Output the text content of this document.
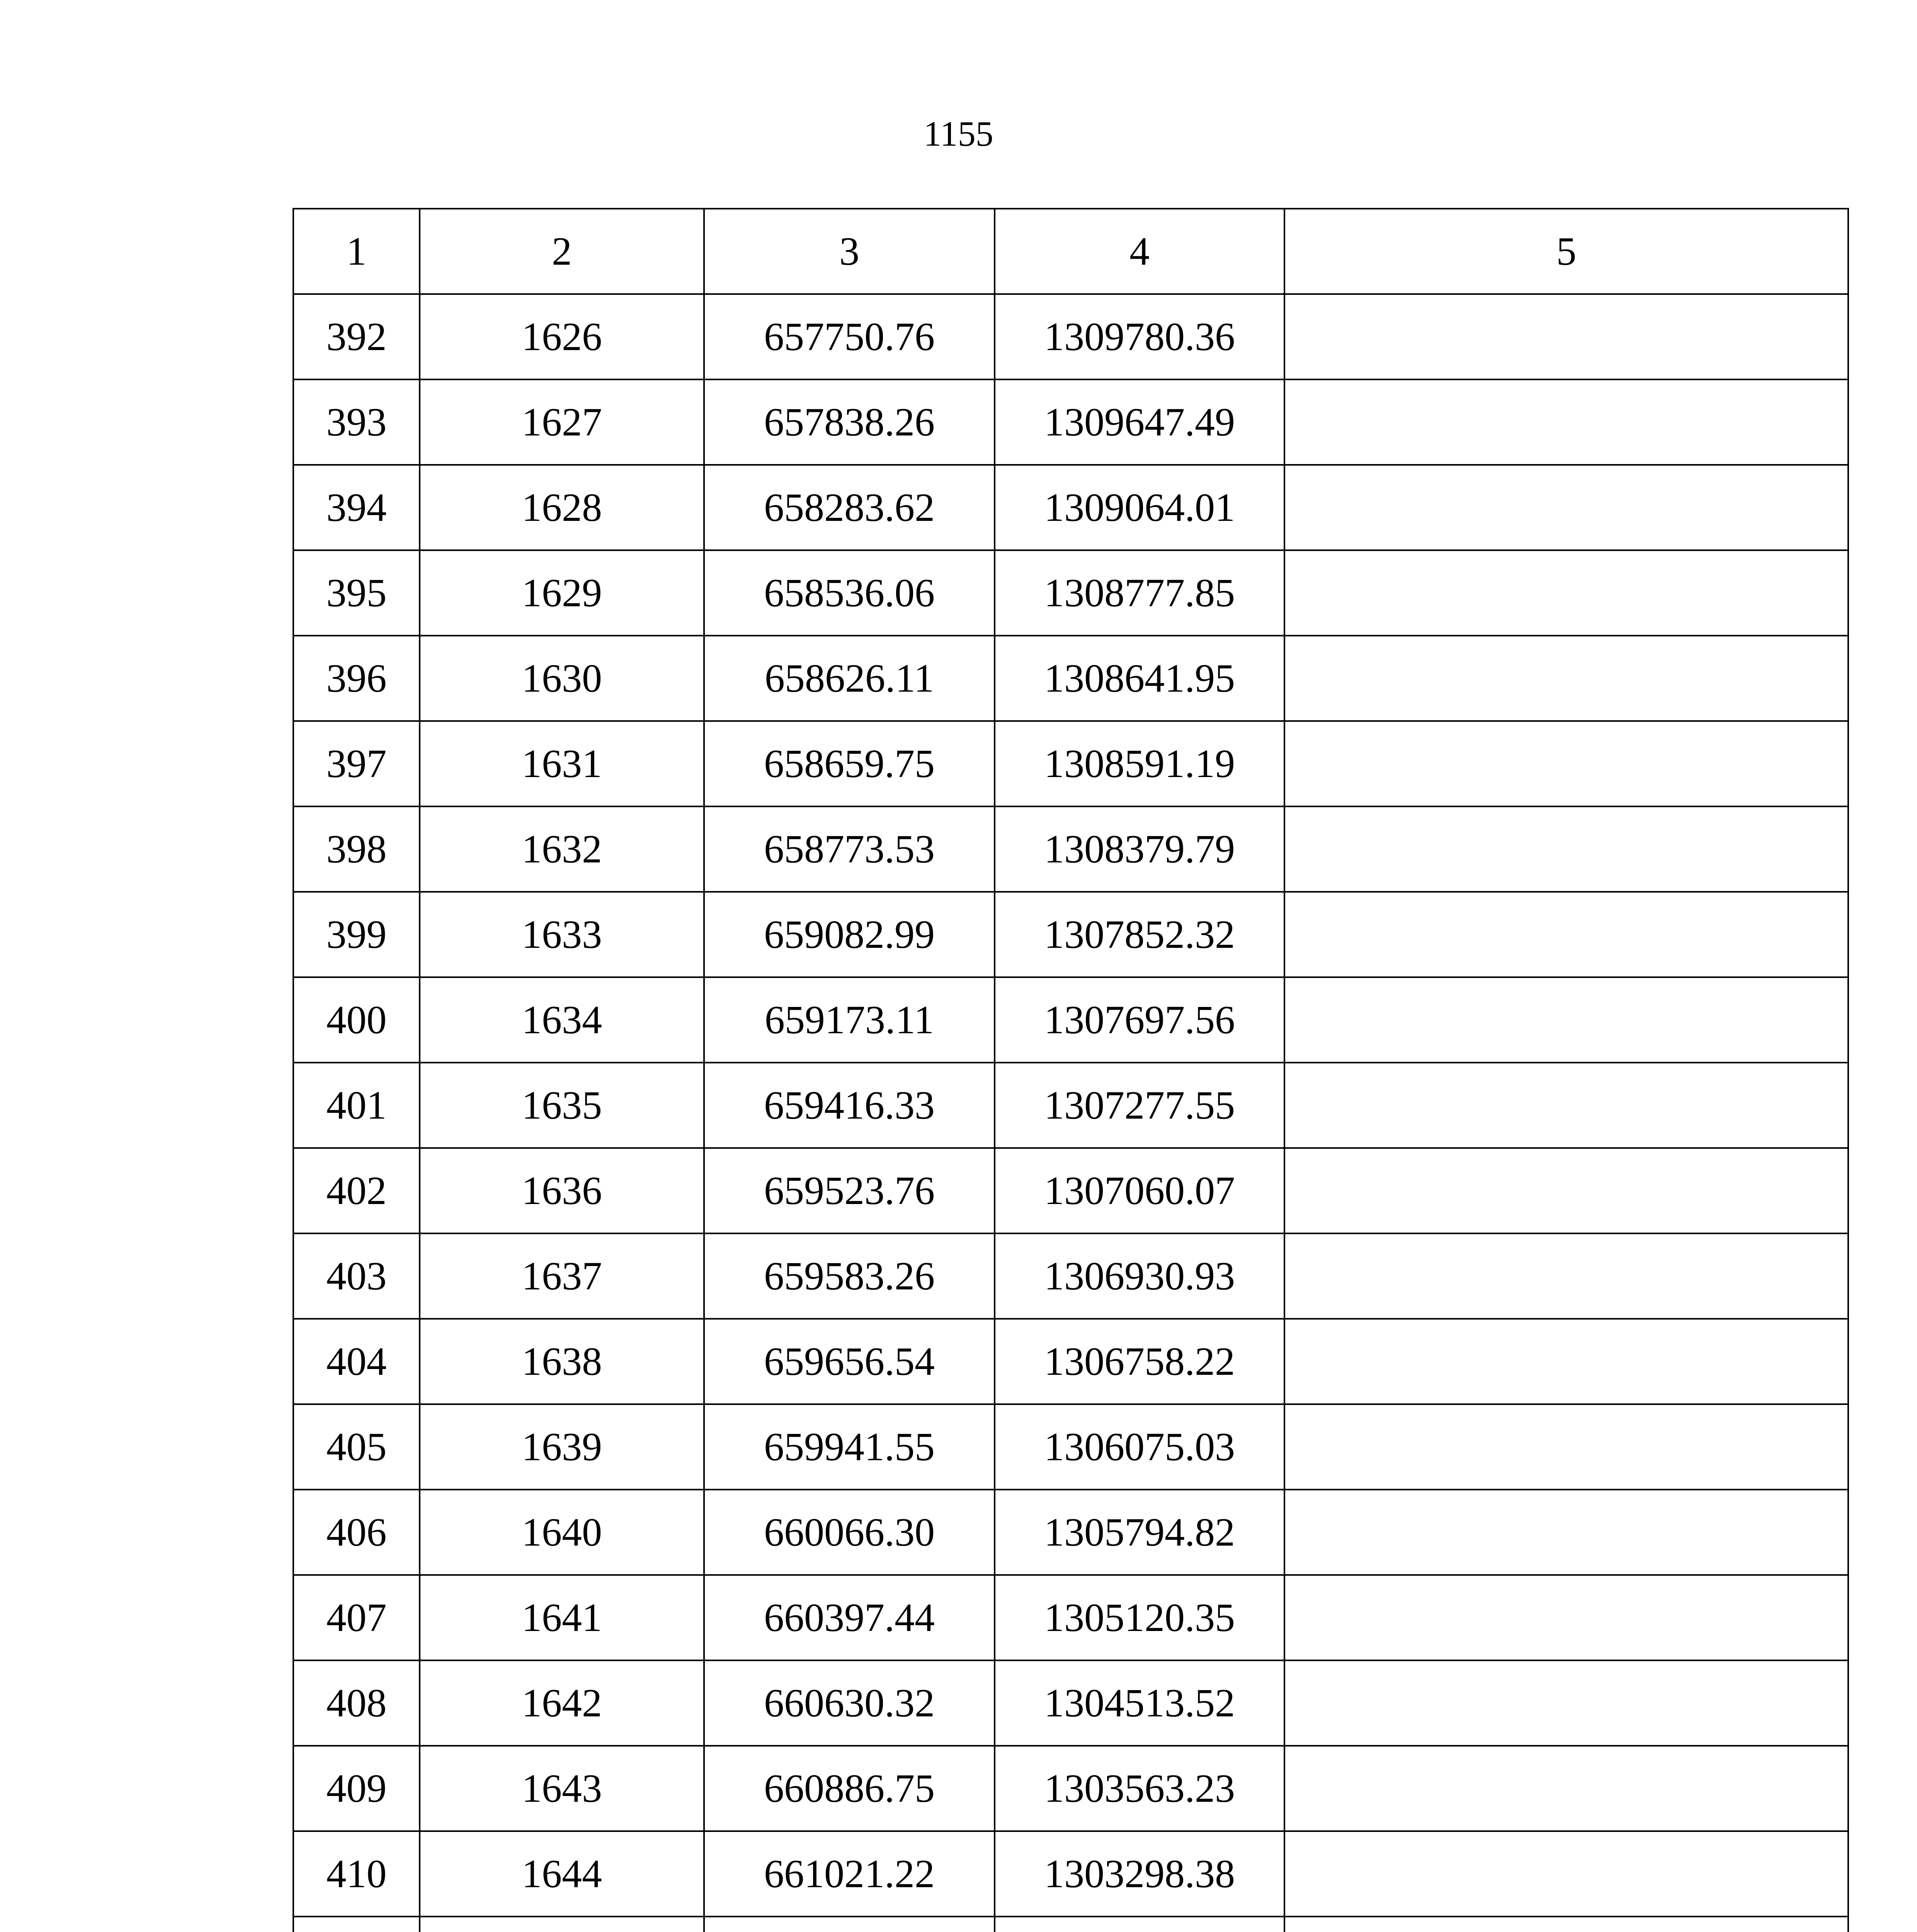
1155
1	2	3	4	5
392	1626	657750.76	1309780.36	
393	1627	657838.26	1309647.49	
394	1628	658283.62	1309064.01	
395	1629	658536.06	1308777.85	
396	1630	658626.11	1308641.95	
397	1631	658659.75	1308591.19	
398	1632	658773.53	1308379.79	
399	1633	659082.99	1307852.32	
400	1634	659173.11	1307697.56	
401	1635	659416.33	1307277.55	
402	1636	659523.76	1307060.07	
403	1637	659583.26	1306930.93	
404	1638	659656.54	1306758.22	
405	1639	659941.55	1306075.03	
406	1640	660066.30	1305794.82	
407	1641	660397.44	1305120.35	
408	1642	660630.32	1304513.52	
409	1643	660886.75	1303563.23	
410	1644	661021.22	1303298.38	
